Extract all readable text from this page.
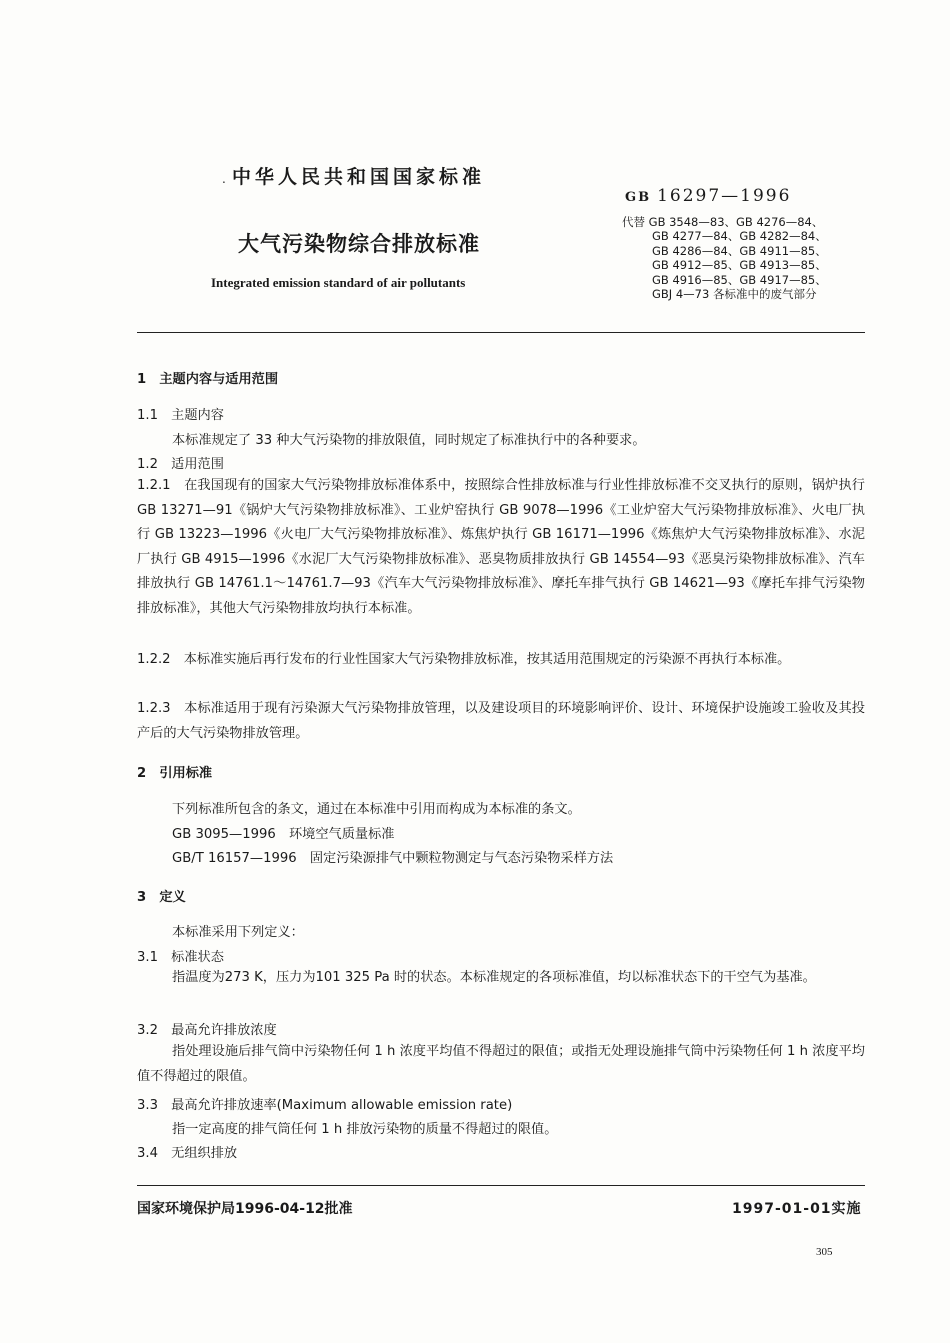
. 中华人民共和国国家标准
GB 16297—1996
大气污染物综合排放标准
Integrated emission standard of air pollutants
代替 GB 3548—83、GB 4276—84、
GB 4277—84、GB 4282—84、
GB 4286—84、GB 4911—85、
GB 4912—85、GB 4913—85、
GB 4916—85、GB 4917—85、
GBJ 4—73 各标准中的废气部分
1　主题内容与适用范围
1.1　主题内容
本标准规定了 33 种大气污染物的排放限值，同时规定了标准执行中的各种要求。
1.2　适用范围
1.2.1　在我国现有的国家大气污染物排放标准体系中，按照综合性排放标准与行业性排放标准不交叉执行的原则，锅炉执行 GB 13271—91《锅炉大气污染物排放标准》、工业炉窑执行 GB 9078—1996《工业炉窑大气污染物排放标准》、火电厂执行 GB 13223—1996《火电厂大气污染物排放标准》、炼焦炉执行 GB 16171—1996《炼焦炉大气污染物排放标准》、水泥厂执行 GB 4915—1996《水泥厂大气污染物排放标准》、恶臭物质排放执行 GB 14554—93《恶臭污染物排放标准》、汽车排放执行 GB 14761.1～14761.7—93《汽车大气污染物排放标准》、摩托车排气执行 GB 14621—93《摩托车排气污染物排放标准》，其他大气污染物排放均执行本标准。
1.2.2　本标准实施后再行发布的行业性国家大气污染物排放标准，按其适用范围规定的污染源不再执行本标准。
1.2.3　本标准适用于现有污染源大气污染物排放管理，以及建设项目的环境影响评价、设计、环境保护设施竣工验收及其投产后的大气污染物排放管理。
2　引用标准
下列标准所包含的条文，通过在本标准中引用而构成为本标准的条文。
GB 3095—1996　环境空气质量标准
GB/T 16157—1996　固定污染源排气中颗粒物测定与气态污染物采样方法
3　定义
本标准采用下列定义：
3.1　标准状态
指温度为273 K，压力为101 325 Pa 时的状态。本标准规定的各项标准值，均以标准状态下的干空气为基准。
3.2　最高允许排放浓度
指处理设施后排气筒中污染物任何 1 h 浓度平均值不得超过的限值；或指无处理设施排气筒中污染物任何 1 h 浓度平均值不得超过的限值。
3.3　最高允许排放速率(Maximum allowable emission rate)
指一定高度的排气筒任何 1 h 排放污染物的质量不得超过的限值。
3.4　无组织排放
国家环境保护局1996-04-12批准	1997-01-01实施
305
